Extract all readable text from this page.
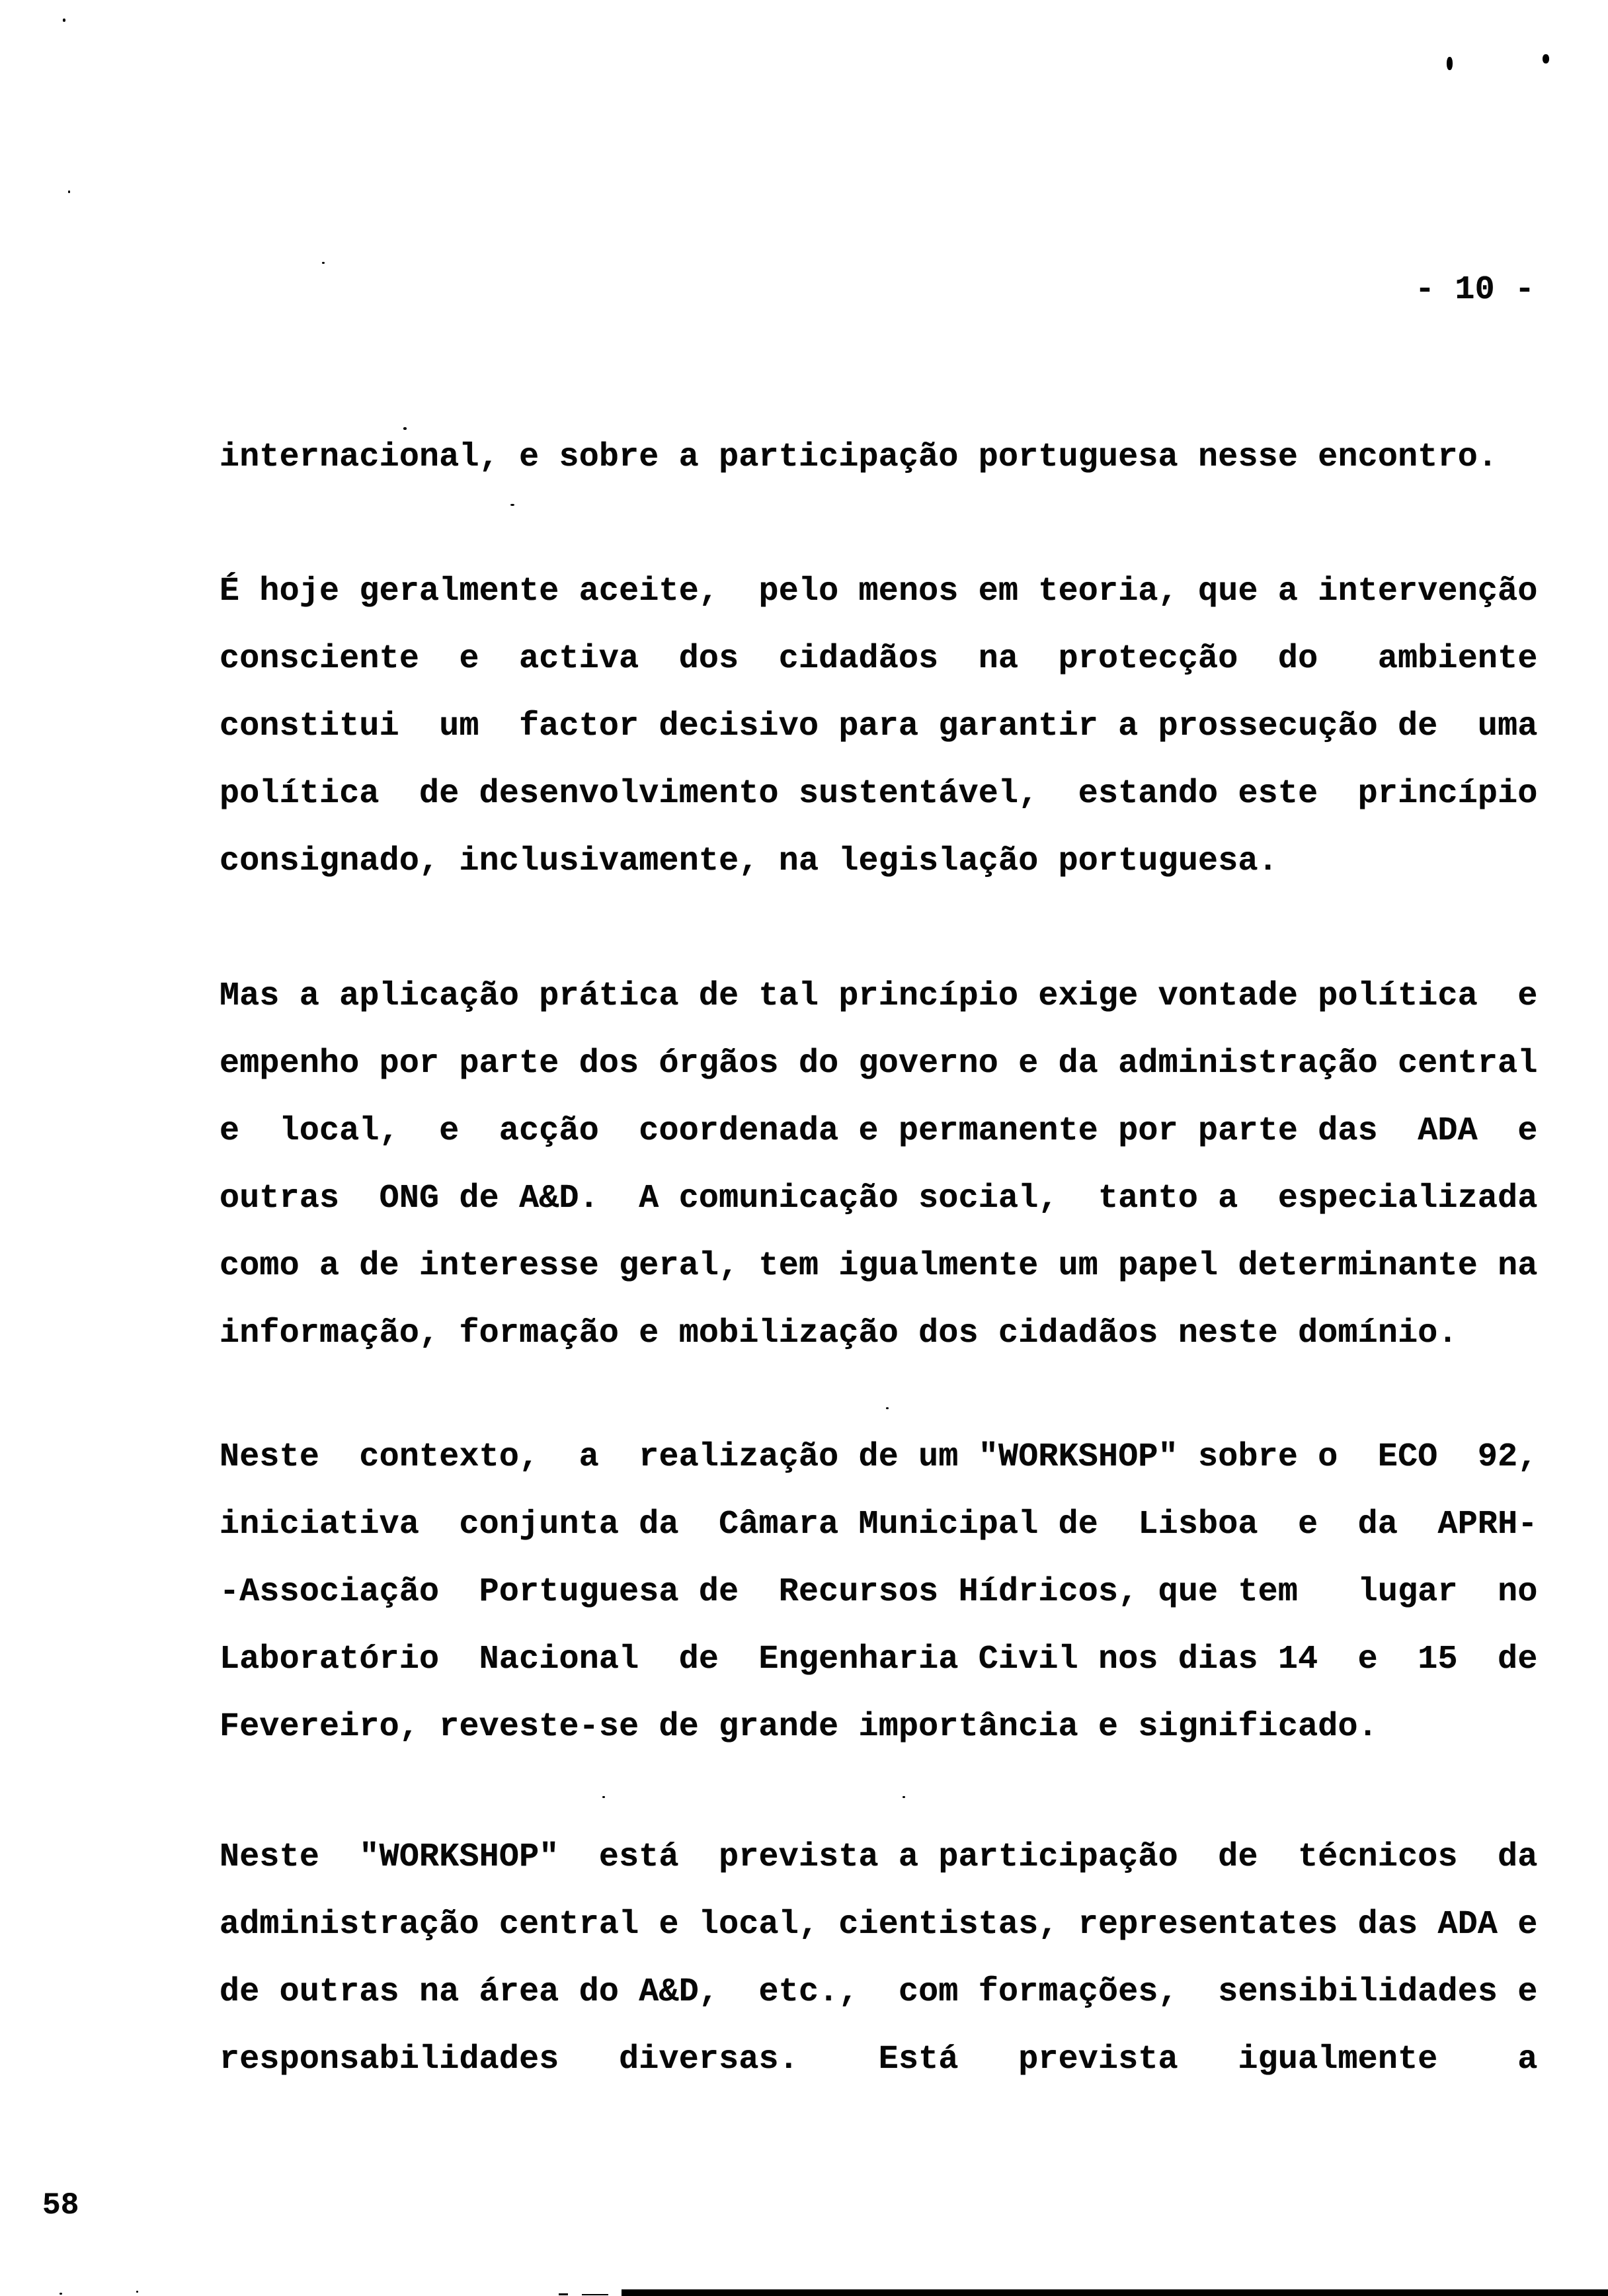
- 10 -
internacional, e sobre a participação portuguesa nesse encontro.
É hoje geralmente aceite,  pelo menos em teoria, que a intervenção
consciente  e  activa  dos  cidadãos  na  protecção  do   ambiente
constitui  um  factor decisivo para garantir a prossecução de  uma
política  de desenvolvimento sustentável,  estando este  princípio
consignado, inclusivamente, na legislação portuguesa.
Mas a aplicação prática de tal princípio exige vontade política  e
empenho por parte dos órgãos do governo e da administração central
e  local,  e  acção  coordenada e permanente por parte das  ADA  e
outras  ONG de A&D.  A comunicação social,  tanto a  especializada
como a de interesse geral, tem igualmente um papel determinante na
informação, formação e mobilização dos cidadãos neste domínio.
Neste  contexto,  a  realização de um "WORKSHOP" sobre o  ECO  92,
iniciativa  conjunta da  Câmara Municipal de  Lisboa  e  da  APRH-
-Associação  Portuguesa de  Recursos Hídricos, que tem   lugar  no
Laboratório  Nacional  de  Engenharia Civil nos dias 14  e  15  de
Fevereiro, reveste-se de grande importância e significado.
Neste  "WORKSHOP"  está  prevista a participação  de  técnicos  da
administração central e local, cientistas, representates das ADA e
de outras na área do A&D,  etc.,  com formações,  sensibilidades e
responsabilidades   diversas.    Está   prevista   igualmente    a
58
